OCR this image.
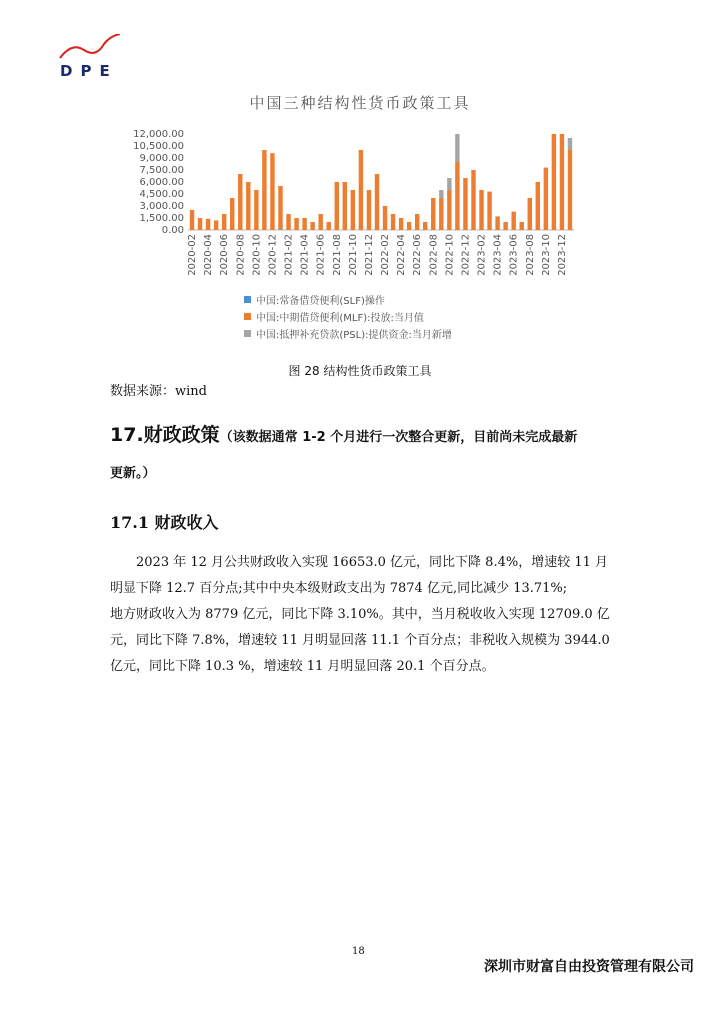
DPE
中国三种结构性货币政策工具
0.00
1,500.00
3,000.00
4,500.00
6,000.00
7,500.00
9,000.00
10,500.00
12,000.00
2020-02 2020-04 2020-06 2020-08 2020-10 2020-12 2021-02 2021-04 2021-06 2021-08 2021-10 2021-12 2022-02 2022-04 2022-06 2022-08 2022-10 2022-12 2023-02 2023-04 2023-06 2023-08 2023-10 2023-12
中国:常备借贷便利(SLF)操作
中国:中期借贷便利(MLF):投放:当月值
中国:抵押补充贷款(PSL):提供资金:当月新增
图 28 结构性货币政策工具
数据来源：wind
17.财政政策（该数据通常 1-2 个月进行一次整合更新，目前尚未完成最新
更新。）
17.1 财政收入

2023 年 12 月公共财政收入实现 16653.0 亿元，同比下降 8.4%，增速较 11 月明显下降 12.7 百分点;其中中央本级财政支出为 7874 亿元,同比减少 13.71%;

地方财政收入为 8779 亿元，同比下降 3.10%。其中，当月税收收入实现 12709.0 亿元，同比下降 7.8%，增速较 11 月明显回落 11.1 个百分点；非税收入规模为 3944.0 亿元，同比下降 10.3 %，增速较 11 月明显回落 20.1 个百分点。

18
深圳市财富自由投资管理有限公司
